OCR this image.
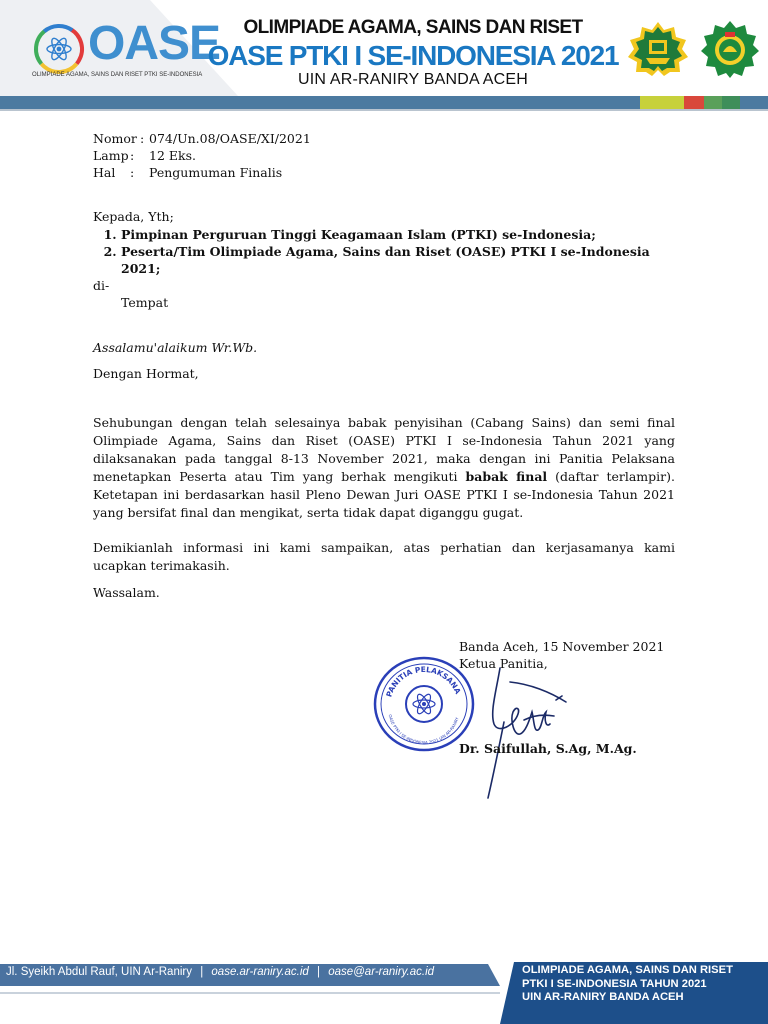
OASE
OLIMPIADE AGAMA, SAINS DAN RISET PTKI SE-INDONESIA
OLIMPIADE AGAMA, SAINS DAN RISET
OASE PTKI I SE-INDONESIA 2021
UIN AR-RANIRY BANDA ACEH
Nomor : 074/Un.08/OASE/XI/2021
Lamp :	12 Eks.
Hal	:	Pengumuman Finalis
Kepada, Yth;
1. Pimpinan Perguruan Tinggi Keagamaan Islam (PTKI) se-Indonesia;
2. Peserta/Tim Olimpiade Agama, Sains dan Riset (OASE) PTKI I se-Indonesia 2021;
di-
Tempat
Assalamu'alaikum Wr.Wb.
Dengan Hormat,

Sehubungan dengan telah selesainya babak penyisihan (Cabang Sains) dan semi final Olimpiade Agama, Sains dan Riset (OASE) PTKI I se-Indonesia Tahun 2021 yang dilaksanakan pada tanggal 8-13 November 2021, maka dengan ini Panitia Pelaksana menetapkan Peserta atau Tim yang berhak mengikuti babak final (daftar terlampir). Ketetapan ini berdasarkan hasil Pleno Dewan Juri OASE PTKI I se-Indonesia Tahun 2021 yang bersifat final dan mengikat, serta tidak dapat diganggu gugat.

Demikianlah informasi ini kami sampaikan, atas perhatian dan kerjasamanya kami ucapkan terimakasih.

Wassalam.
Banda Aceh, 15 November 2021
Ketua Panitia,
PANITIA PELAKSANA
OASE PTKI I SE-INDONESIA 2021 UIN AR-RANIRY
Dr. Saifullah, S.Ag, M.Ag.
Jl. Syeikh Abdul Rauf, UIN Ar-Raniry | oase.ar-raniry.ac.id | oase@ar-raniry.ac.id	OLIMPIADE AGAMA, SAINS DAN RISET
PTKI I SE-INDONESIA TAHUN 2021
UIN AR-RANIRY BANDA ACEH
